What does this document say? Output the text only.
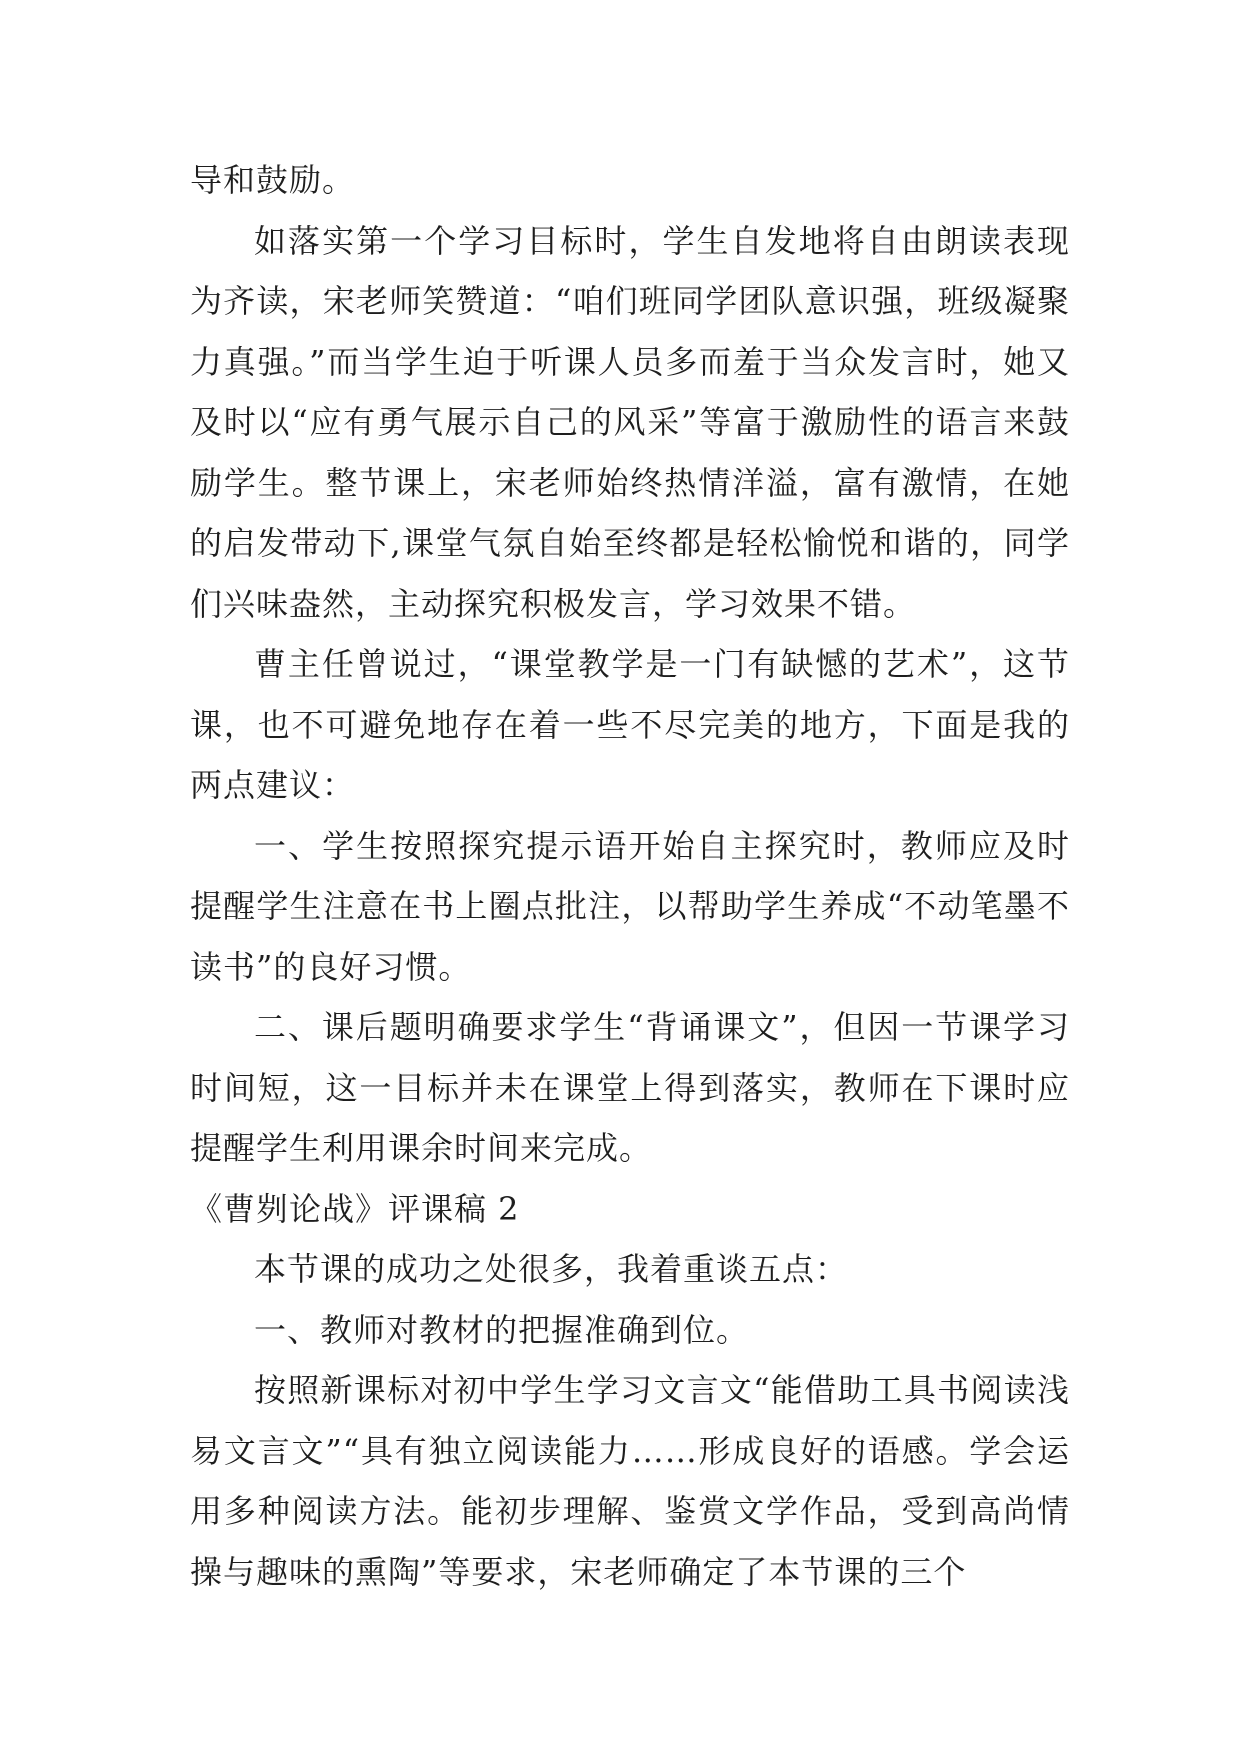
导和鼓励。

如落实第一个学习目标时，学生自发地将自由朗读表现为齐读，宋老师笑赞道：“咱们班同学团队意识强，班级凝聚力真强。”而当学生迫于听课人员多而羞于当众发言时，她又及时以“应有勇气展示自己的风采”等富于激励性的语言来鼓励学生。整节课上，宋老师始终热情洋溢，富有激情，在她的启发带动下,课堂气氛自始至终都是轻松愉悦和谐的，同学们兴味盎然，主动探究积极发言，学习效果不错。

曹主任曾说过，“课堂教学是一门有缺憾的艺术”，这节课，也不可避免地存在着一些不尽完美的地方，下面是我的两点建议：

一、学生按照探究提示语开始自主探究时，教师应及时提醒学生注意在书上圈点批注，以帮助学生养成“不动笔墨不读书”的良好习惯。

二、课后题明确要求学生“背诵课文”，但因一节课学习时间短，这一目标并未在课堂上得到落实，教师在下课时应提醒学生利用课余时间来完成。

《曹刿论战》评课稿 2

本节课的成功之处很多，我着重谈五点：

一、教师对教材的把握准确到位。

按照新课标对初中学生学习文言文“能借助工具书阅读浅易文言文”“具有独立阅读能力……形成良好的语感。学会运用多种阅读方法。能初步理解、鉴赏文学作品，受到高尚情操与趣味的熏陶”等要求，宋老师确定了本节课的三个
